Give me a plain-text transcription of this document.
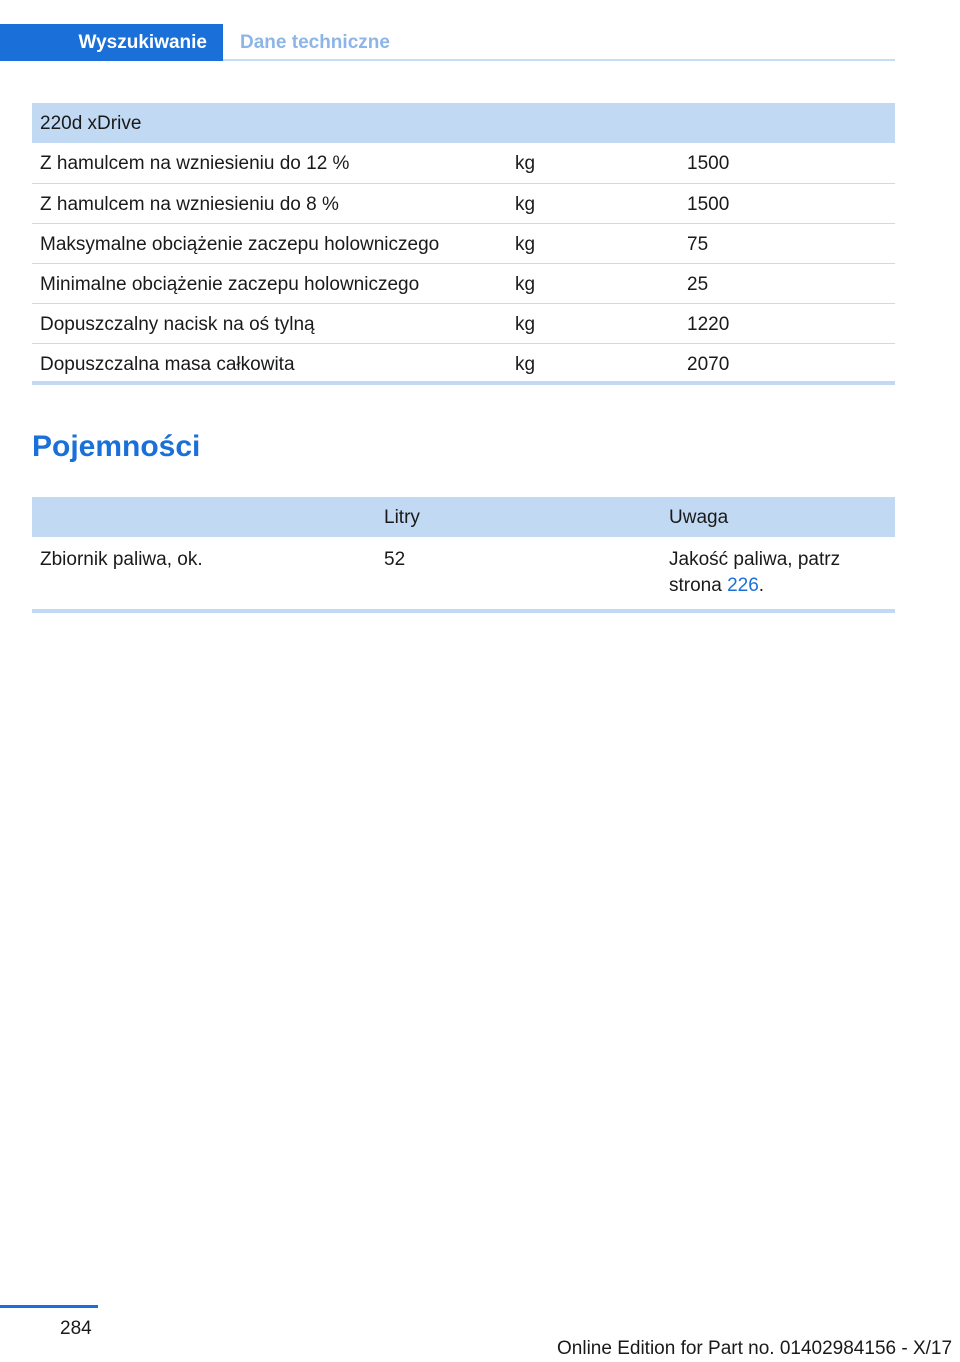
Wyszukiwanie	Dane techniczne
220d xDrive		
Z hamulcem na wzniesieniu do 12 %	kg	1500
Z hamulcem na wzniesieniu do 8 %	kg	1500
Maksymalne obciążenie zaczepu holowniczego	kg	75
Minimalne obciążenie zaczepu holowniczego	kg	25
Dopuszczalny nacisk na oś tylną	kg	1220
Dopuszczalna masa całkowita	kg	2070
Pojemności
	Litry	Uwaga
Zbiornik paliwa, ok.	52	Jakość paliwa, patrz
strona 226.
284
Online Edition for Part no. 01402984156 - X/17
